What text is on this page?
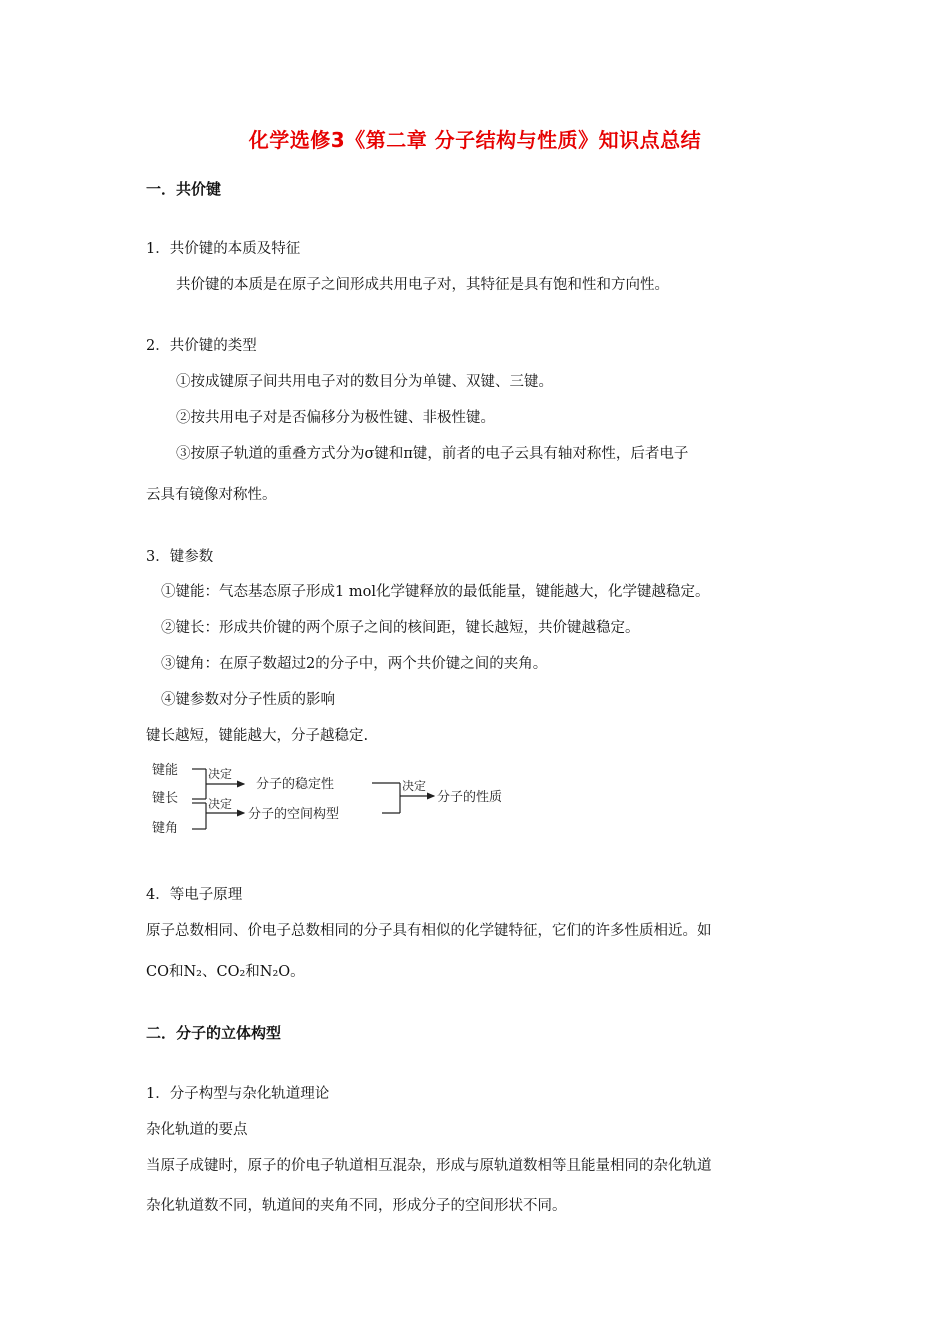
化学选修3《第二章 分子结构与性质》知识点总结
一．共价键
1．共价键的本质及特征
共价键的本质是在原子之间形成共用电子对，其特征是具有饱和性和方向性。
2．共价键的类型
①按成键原子间共用电子对的数目分为单键、双键、三键。
②按共用电子对是否偏移分为极性键、非极性键。
③按原子轨道的重叠方式分为σ键和π键，前者的电子云具有轴对称性，后者电子
云具有镜像对称性。
3．键参数
①键能：气态基态原子形成1 mol化学键释放的最低能量，键能越大，化学键越稳定。
②键长：形成共价键的两个原子之间的核间距，键长越短，共价键越稳定。
③键角：在原子数超过2的分子中，两个共价键之间的夹角。
④键参数对分子性质的影响
键长越短，键能越大，分子越稳定.
键能
键长
键角
决定
决定
分子的稳定性
分子的空间构型
决定
分子的性质
4．等电子原理
原子总数相同、价电子总数相同的分子具有相似的化学键特征，它们的许多性质相近。如
CO和N₂、CO₂和N₂O。
二．分子的立体构型
1．分子构型与杂化轨道理论
杂化轨道的要点
当原子成键时，原子的价电子轨道相互混杂，形成与原轨道数相等且能量相同的杂化轨道
杂化轨道数不同，轨道间的夹角不同，形成分子的空间形状不同。
